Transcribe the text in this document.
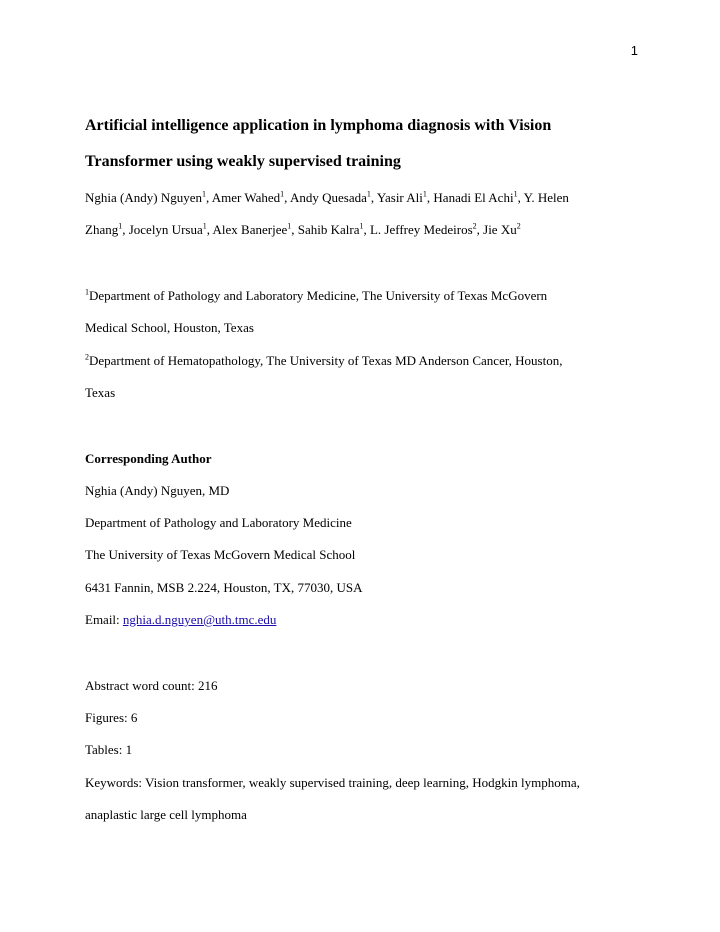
1
Artificial intelligence application in lymphoma diagnosis with Vision
Transformer using weakly supervised training
Nghia (Andy) Nguyen$^1$, Amer Wahed$^1$, Andy Quesada$^1$, Yasir Ali$^1$, Hanadi El Achi$^1$, Y. Helen
Zhang$^1$, Jocelyn Ursua$^1$, Alex Banerjee$^1$, Sahib Kalra$^1$, L. Jeffrey Medeiros$^2$, Jie Xu$^2$
$^1$Department of Pathology and Laboratory Medicine, The University of Texas McGovern
Medical School, Houston, Texas
$^2$Department of Hematopathology, The University of Texas MD Anderson Cancer, Houston,
Texas
Corresponding Author
Nghia (Andy) Nguyen, MD
Department of Pathology and Laboratory Medicine
The University of Texas McGovern Medical School
6431 Fannin, MSB 2.224, Houston, TX, 77030, USA
Email: nghia.d.nguyen@uth.tmc.edu
Abstract word count: 216
Figures: 6
Tables: 1
Keywords: Vision transformer, weakly supervised training, deep learning, Hodgkin lymphoma,
anaplastic large cell lymphoma
